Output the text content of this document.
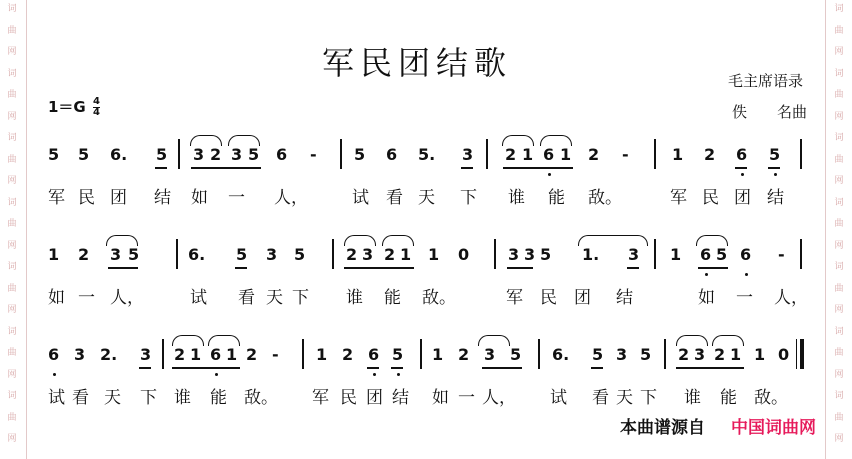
词
曲
网
词
曲
网
词
曲
网
词
曲
网
词
曲
网
词
曲
网
词
曲
网
词
曲
网
词
曲
网
词
曲
网
词
曲
网
词
曲
网
词
曲
网
词
曲
网
军民团结歌	毛主席语录
佚　　名曲
$1=G \frac{4}{4}$
5 5 6. 5 3 2 3 5 6 - 5 6 5. 3 2 1 6 1 2 -	1 2 6 5
军 民 团 结 如 一 人，	试 看 天 下 谁 能 敌。	军 民 团 结
1 2 3 5	6. 5 3 5	2 3 2 1 1 0 3 3 5 1. 3 1 6 5 6 -
如 一 人，	试 看 天 下 谁 能 敌。	军 民 团 结	如 一 人，
6 3 2. 3 2 1 6 1 2 - 1 2 6 5 1 2 3 5 6. 5 3 5 2 3 2 1 1 0
试 看 天 下 谁 能 敌。 军 民 团 结 如 一 人， 试 看 天 下 谁 能 敌。
本曲谱源自 中国词曲网
